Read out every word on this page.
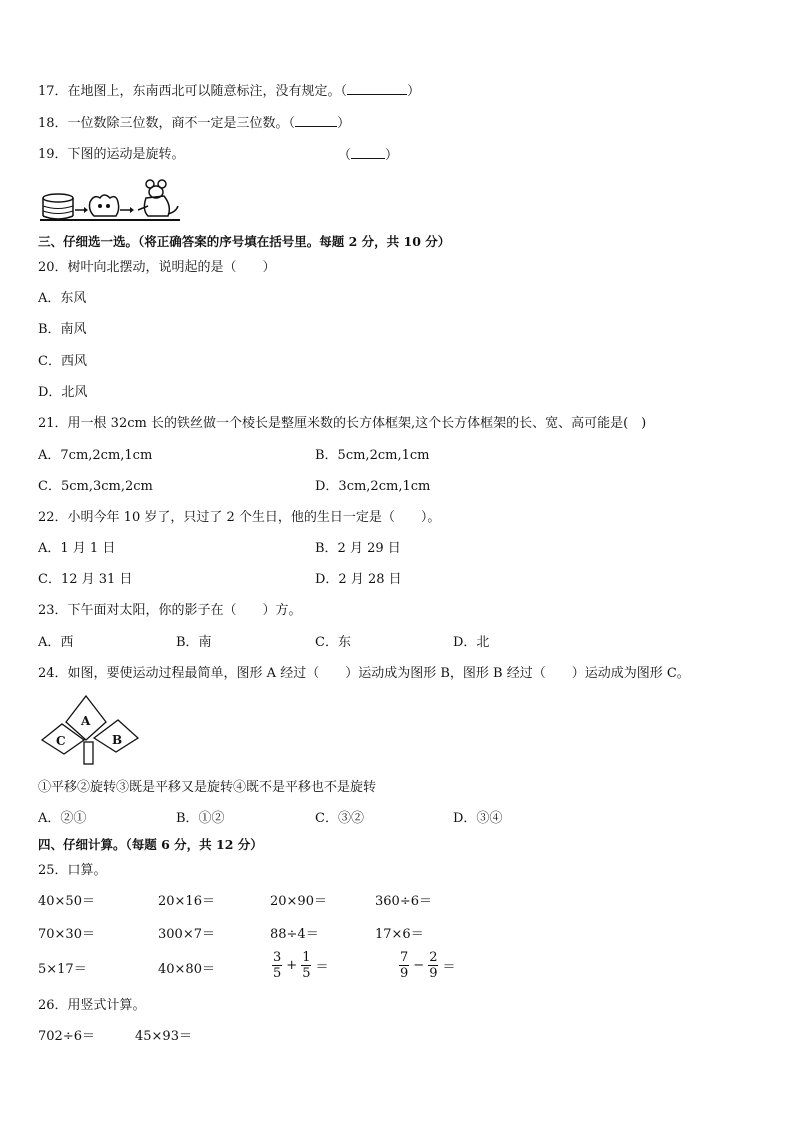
17．在地图上，东南西北可以随意标注，没有规定。（	）
18．一位数除三位数，商不一定是三位数。（	）
19．下图的运动是旋转。	（	）
三、仔细选一选。（将正确答案的序号填在括号里。每题 2 分，共 10 分）
20．树叶向北摆动，说明起的是（　　）
A．东风
B．南风
C．西风
D．北风
21．用一根 32cm 长的铁丝做一个棱长是整厘米数的长方体框架,这个长方体框架的长、宽、高可能是(　)
A．7cm,2cm,1cm	B．5cm,2cm,1cm
C．5cm,3cm,2cm	D．3cm,2cm,1cm
22．小明今年 10 岁了，只过了 2 个生日，他的生日一定是（　　）。
A．1 月 1 日	B．2 月 29 日
C．12 月 31 日	D．2 月 28 日
23．下午面对太阳，你的影子在（　　）方。
A．西	B．南	C．东	D．北
24．如图，要使运动过程最简单，图形 A 经过（　　）运动成为图形 B，图形 B 经过（　　）运动成为图形 C。
A
B
C
①平移②旋转③既是平移又是旋转④既不是平移也不是旋转
A．②①	B．①②	C．③②	D．③④
四、仔细计算。（每题 6 分，共 12 分）
25．口算。
40×50＝	20×16＝	20×90＝	360÷6＝
70×30＝	300×7＝	88÷4＝	17×6＝
5×17＝	40×80＝	$\frac{3}{5} + \frac{1}{5}$ ＝	$\frac{7}{9} - \frac{2}{9}$ ＝
26．用竖式计算。
702÷6＝	45×93＝
